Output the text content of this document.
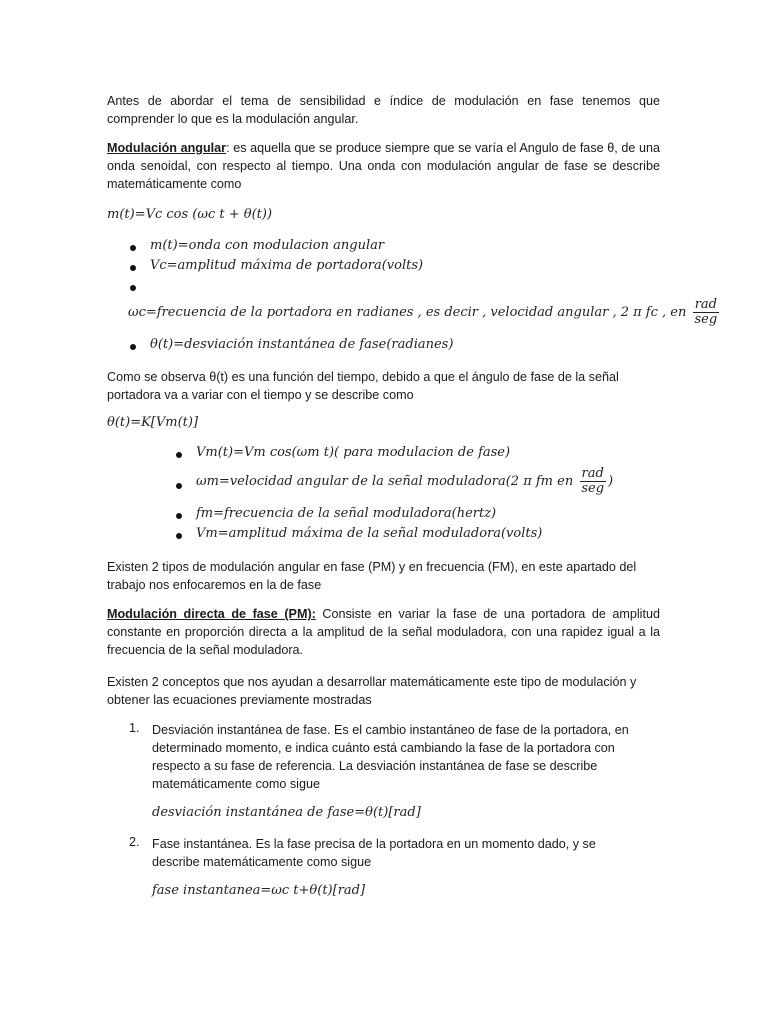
Antes de abordar el tema de sensibilidad e índice de modulación en fase tenemos que comprender lo que es la modulación angular.

Modulación angular: es aquella que se produce siempre que se varía el Angulo de fase θ, de una onda senoidal, con respecto al tiempo. Una onda con modulación angular de fase se describe matemáticamente como

m(t)=Vc cos (ωc t + θ(t))
m(t)=onda con modulacion angular
Vc=amplitud máxima de portadora(volts)
ωc=frecuencia de la portadora en radianes , es decir , velocidad angular , 2 π fc , en $\frac{\text{rad}}{\text{seg}}$
θ(t)=desviación instantánea de fase(radianes)

Como se observa θ(t) es una función del tiempo, debido a que el ángulo de fase de la señal portadora va a variar con el tiempo y se describe como

θ(t)=K[Vm(t)]
Vm(t)=Vm cos(ωm t)( para modulacion de fase)
ωm=velocidad angular de la señal moduladora(2 π fm en $\frac{\text{rad}}{\text{seg}}$ )
fm=frecuencia de la señal moduladora(hertz)
Vm=amplitud máxima de la señal moduladora(volts)

Existen 2 tipos de modulación angular en fase (PM) y en frecuencia (FM), en este apartado del trabajo nos enfocaremos en la de fase

Modulación directa de fase (PM): Consiste en variar la fase de una portadora de amplitud constante en proporción directa a la amplitud de la señal moduladora, con una rapidez igual a la frecuencia de la señal moduladora.

Existen 2 conceptos que nos ayudan a desarrollar matemáticamente este tipo de modulación y obtener las ecuaciones previamente mostradas

1. Desviación instantánea de fase. Es el cambio instantáneo de fase de la portadora, en determinado momento, e indica cuánto está cambiando la fase de la portadora con respecto a su fase de referencia. La desviación instantánea de fase se describe matemáticamente como sigue

desviación instantánea de fase=θ(t)[rad]
2. Fase instantánea. Es la fase precisa de la portadora en un momento dado, y se describe matemáticamente como sigue

fase instantanea=ωc t+θ(t)[rad]
